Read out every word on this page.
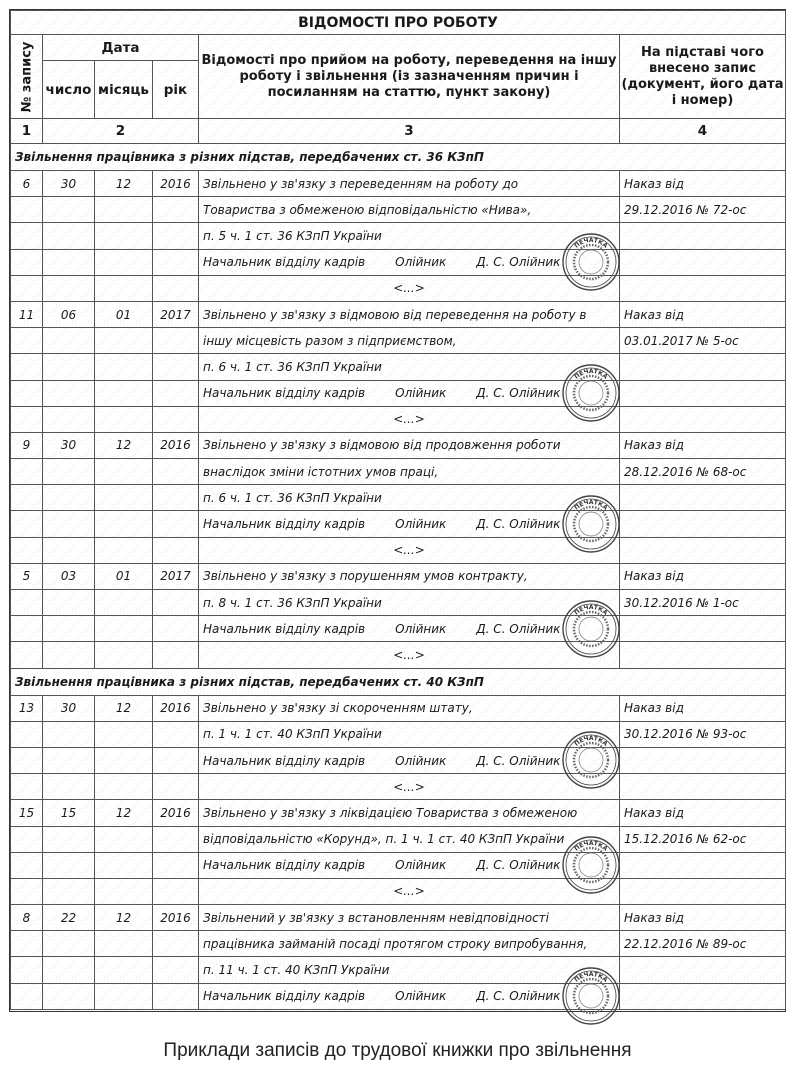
ВІДОМОСТІ ПРО РОБОТУ					

№ запису	Дата			Відомості про прийом на роботу, переведення на іншу роботу і звільнення (із зазначенням причин і посиланням на статтю, пункт закону)	На підставі чого внесено запис (документ, його дата і номер)
	число	місяць	рік		
1	2			3	4
Звільнення працівника з різних підстав, передбачених ст. 36 КЗпП					
6	30	12	2016	Звільнено у зв'язку з переведенням на роботу до	Наказ від
				Товариства з обмеженою відповідальністю «Нива»,	29.12.2016 № 72-ос
				п. 5 ч. 1 ст. 36 КЗпП України	
				Начальник відділу кадрів Олійник Д. С. Олійник	
				<...>	
11	06	01	2017	Звільнено у зв'язку з відмовою від переведення на роботу в	Наказ від
				іншу місцевість разом з підприємством,	03.01.2017 № 5-ос
				п. 6 ч. 1 ст. 36 КЗпП України	
				Начальник відділу кадрів Олійник Д. С. Олійник	
				<...>	
9	30	12	2016	Звільнено у зв'язку з відмовою від продовження роботи	Наказ від
				внаслідок зміни істотних умов праці,	28.12.2016 № 68-ос
				п. 6 ч. 1 ст. 36 КЗпП України	
				Начальник відділу кадрів Олійник Д. С. Олійник	
				<...>	
5	03	01	2017	Звільнено у зв'язку з порушенням умов контракту,	Наказ від
				п. 8 ч. 1 ст. 36 КЗпП України	30.12.2016 № 1-ос
				Начальник відділу кадрів Олійник Д. С. Олійник	
				<...>	
Звільнення працівника з різних підстав, передбачених ст. 40 КЗпП					
13	30	12	2016	Звільнено у зв'язку зі скороченням штату,	Наказ від
				п. 1 ч. 1 ст. 40 КЗпП України	30.12.2016 № 93-ос
				Начальник відділу кадрів Олійник Д. С. Олійник	
				<...>	
15	15	12	2016	Звільнено у зв'язку з ліквідацією Товариства з обмеженою	Наказ від
				відповідальністю «Корунд», п. 1 ч. 1 ст. 40 КЗпП України	15.12.2016 № 62-ос
				Начальник відділу кадрів Олійник Д. С. Олійник	
				<...>	
8	22	12	2016	Звільнений у зв'язку з встановленням невідповідності	Наказ від
				працівника займаній посаді протягом строку випробування,	22.12.2016 № 89-ос
				п. 11 ч. 1 ст. 40 КЗпП України	
				Начальник відділу кадрів Олійник Д. С. Олійник	
ПЕЧАТКА
ПЕЧАТКА
ПЕЧАТКА
ПЕЧАТКА
ПЕЧАТКА
ПЕЧАТКА
ПЕЧАТКА
Приклади записів до трудової книжки про звільнення
